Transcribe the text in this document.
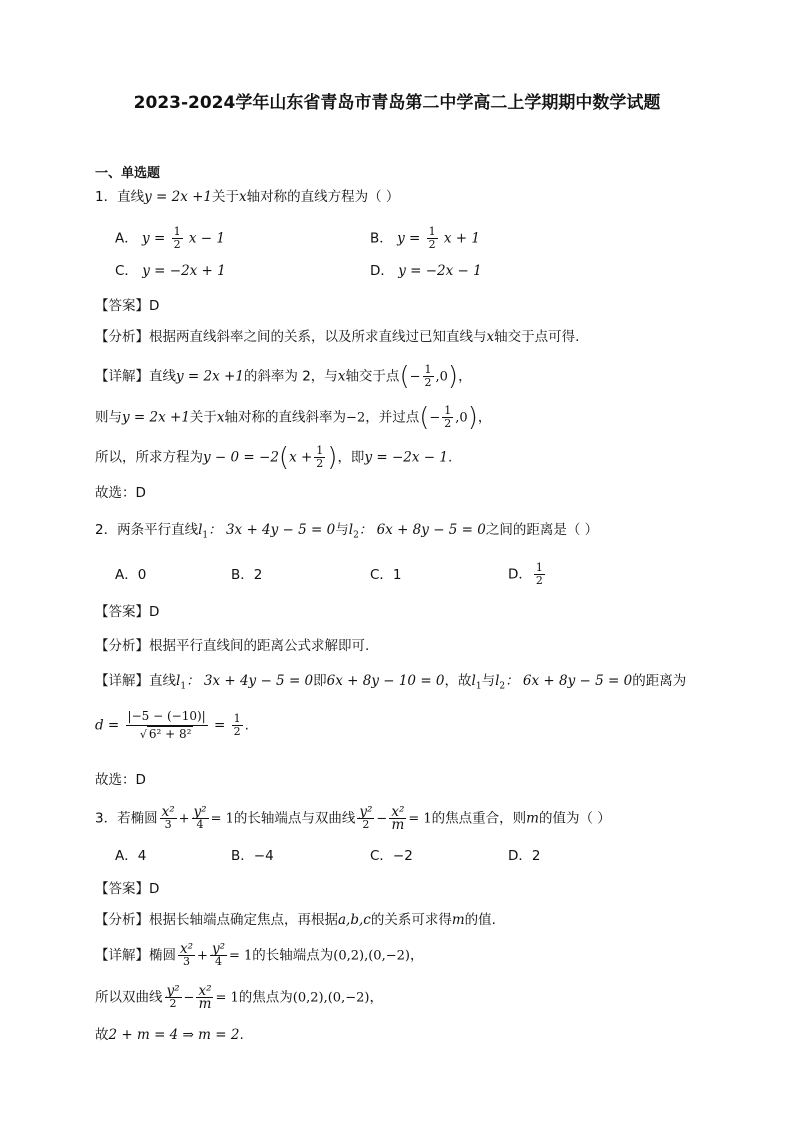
2023-2024学年山东省青岛市青岛第二中学高二上学期期中数学试题
一、单选题
1．直线y = 2x +1关于x轴对称的直线方程为（ ）
A． $y = \frac{1}{2}$ x − 1	B． $y = \frac{1}{2}$ x + 1
C． y = −2x + 1	D． y = −2x − 1
【答案】D
【分析】根据两直线斜率之间的关系，以及所求直线过已知直线与x轴交于点可得.
【详解】直线y = 2x +1的斜率为 2，与x轴交于点(− $\frac{1}{2} ,0$)，
则与y = 2x +1关于x轴对称的直线斜率为−2，并过点(− $\frac{1}{2} ,0$)，
所以，所求方程为$y - 0 = -2(x + \frac{1}{2}$ )，即y = −2x − 1.
故选：D
2．两条平行直线$l_1$： 3x + 4y − 5 = 0与$l_2$： 6x + 8y − 5 = 0之间的距离是（ ）
A．0	B．2	C．1	D． $\frac{1}{2}$
【答案】D
【分析】根据平行直线间的距离公式求解即可.
【详解】直线$l_1$： 3x + 4y − 5 = 0即6x + 8y − 10 = 0，故$l_1$与$l_2$： 6x + 8y − 5 = 0的距离为
$d = \frac{|-5 - (-10)|}{\text{√ 6² + 8²}} = \frac{1}{2}$ .
故选：D
3．若椭圆 $\frac{\text{x²}}{3} + \frac{\text{y²}}{4} = 1$的长轴端点与双曲线 $\frac{\text{y²}}{2} - \frac{\text{x²}}{m} = 1$的焦点重合，则m的值为（ ）
A．4	B．−4	C．−2	D．2
【答案】D
【分析】根据长轴端点确定焦点，再根据a,b,c的关系可求得m的值.
【详解】椭圆 $\frac{\text{x²}}{3} + \frac{\text{y²}}{4} = 1$的长轴端点为(0,2),(0,−2)，
所以双曲线 $\frac{\text{y²}}{2} - \frac{\text{x²}}{m} = 1$的焦点为(0,2),(0,−2)，
故2 + m = 4 ⇒ m = 2.
